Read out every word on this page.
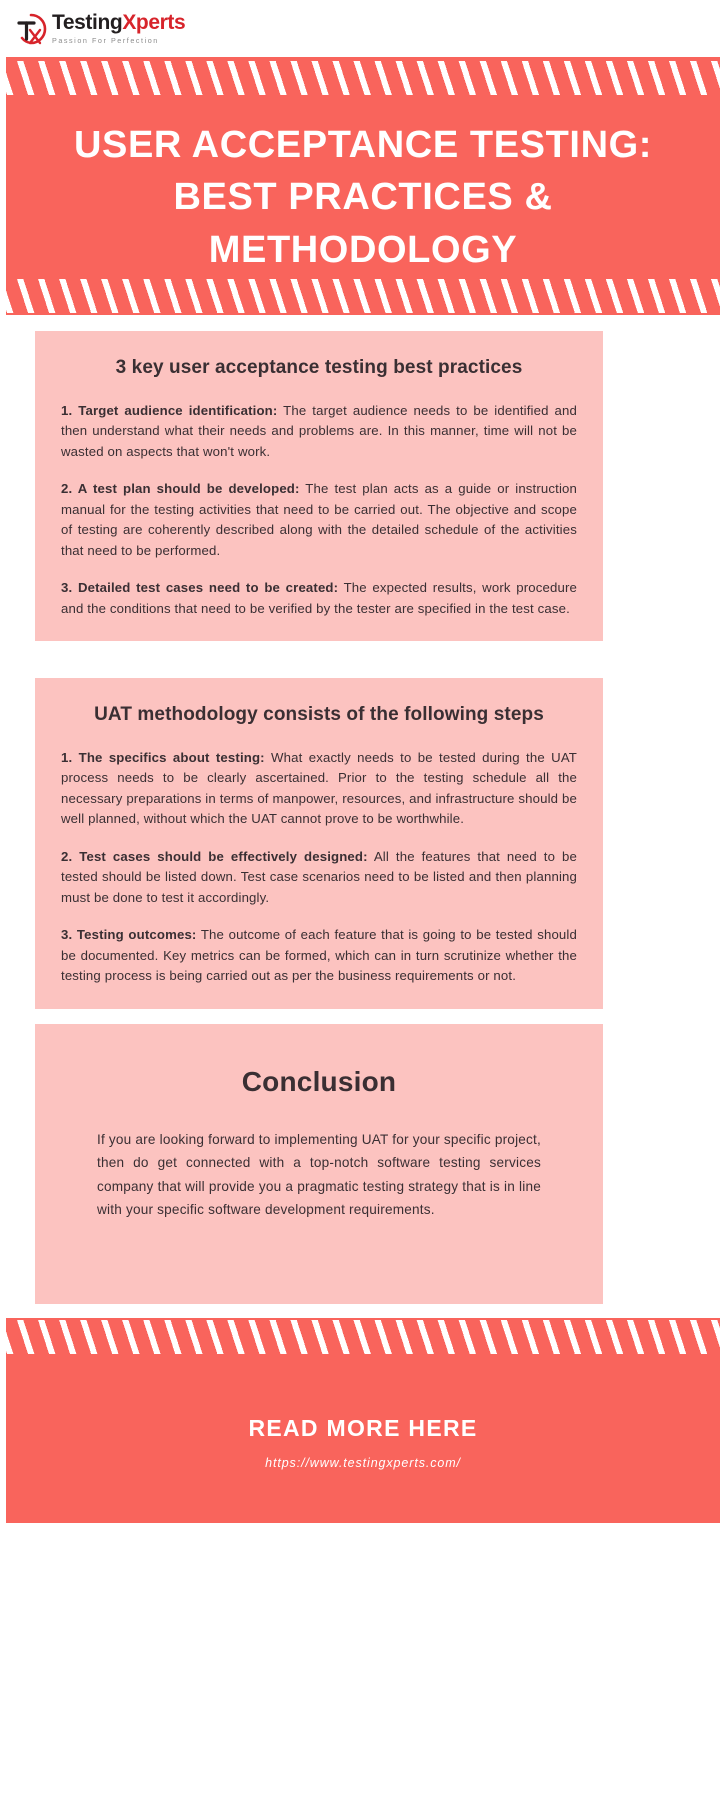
TestingXperts
Passion For Perfection
USER ACCEPTANCE TESTING:
BEST PRACTICES &
METHODOLOGY
3 key user acceptance testing best practices

1. Target audience identification: The target audience needs to be identified and then understand what their needs and problems are. In this manner, time will not be wasted on aspects that won't work.

2. A test plan should be developed: The test plan acts as a guide or instruction manual for the testing activities that need to be carried out. The objective and scope of testing are coherently described along with the detailed schedule of the activities that need to be performed.

3. Detailed test cases need to be created: The expected results, work procedure and the conditions that need to be verified by the tester are specified in the test case.

UAT methodology consists of the following steps

1. The specifics about testing: What exactly needs to be tested during the UAT process needs to be clearly ascertained. Prior to the testing schedule all the necessary preparations in terms of manpower, resources, and infrastructure should be well planned, without which the UAT cannot prove to be worthwhile.

2. Test cases should be effectively designed: All the features that need to be tested should be listed down. Test case scenarios need to be listed and then planning must be done to test it accordingly.

3. Testing outcomes: The outcome of each feature that is going to be tested should be documented. Key metrics can be formed, which can in turn scrutinize whether the testing process is being carried out as per the business requirements or not.

Conclusion

If you are looking forward to implementing UAT for your specific project, then do get connected with a top-notch software testing services company that will provide you a pragmatic testing strategy that is in line with your specific software development requirements.

READ MORE HERE
https://www.testingxperts.com/
